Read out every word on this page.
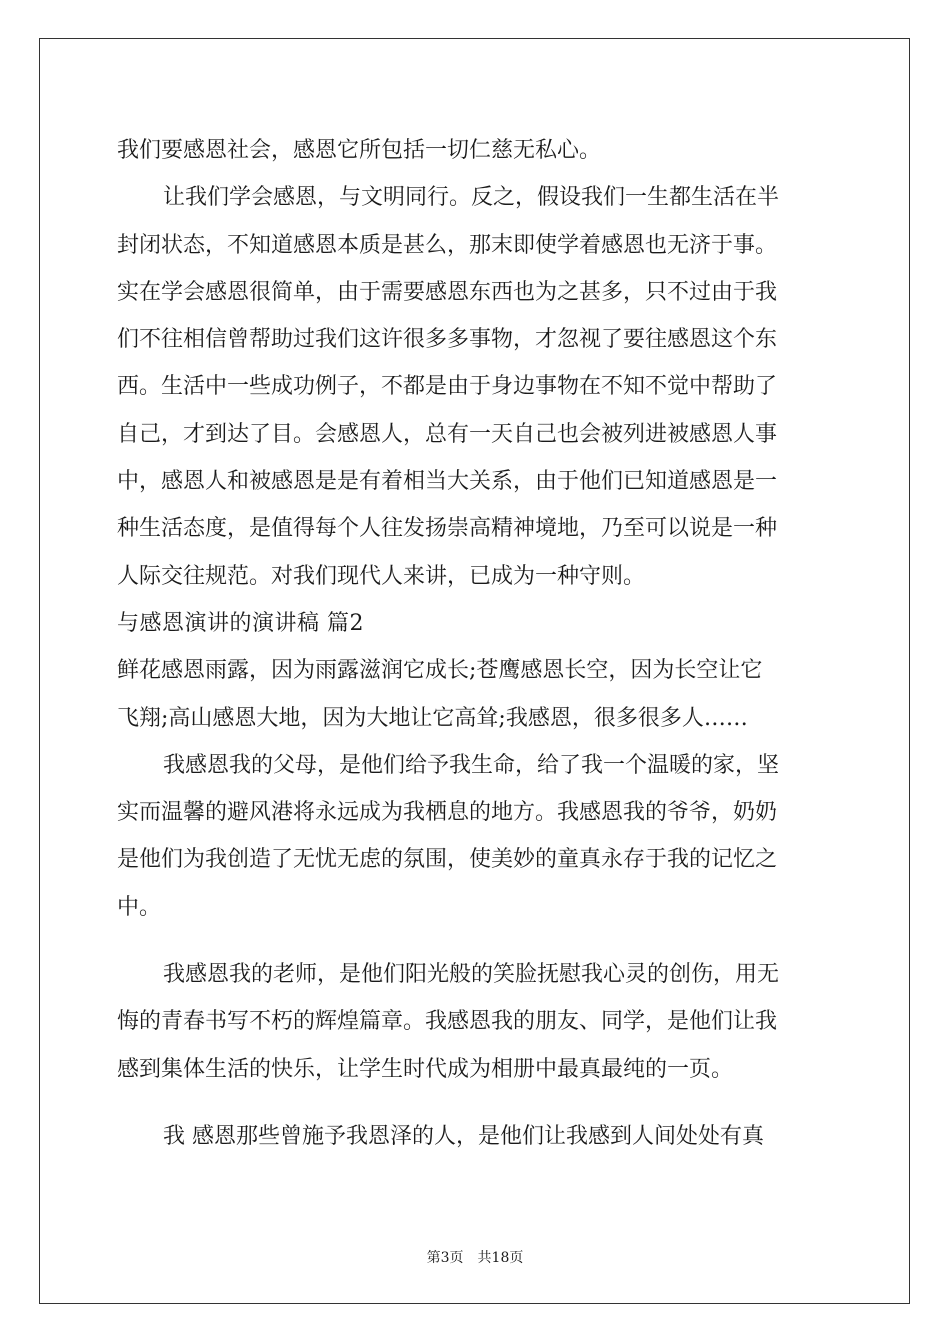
我们要感恩社会，感恩它所包括一切仁慈无私心。
让我们学会感恩，与文明同行。反之，假设我们一生都生活在半
封闭状态，不知道感恩本质是甚么，那末即使学着感恩也无济于事。
实在学会感恩很简单，由于需要感恩东西也为之甚多，只不过由于我
们不往相信曾帮助过我们这许很多多事物，才忽视了要往感恩这个东
西。生活中一些成功例子，不都是由于身边事物在不知不觉中帮助了
自己，才到达了目。会感恩人，总有一天自己也会被列进被感恩人事
中，感恩人和被感恩是是有着相当大关系，由于他们已知道感恩是一
种生活态度，是值得每个人往发扬崇高精神境地，乃至可以说是一种
人际交往规范。对我们现代人来讲，已成为一种守则。
与感恩演讲的演讲稿 篇2
鲜花感恩雨露，因为雨露滋润它成长;苍鹰感恩长空，因为长空让它
飞翔;高山感恩大地，因为大地让它高耸;我感恩，很多很多人……
我感恩我的父母，是他们给予我生命，给了我一个温暖的家，坚
实而温馨的避风港将永远成为我栖息的地方。我感恩我的爷爷，奶奶
是他们为我创造了无忧无虑的氛围，使美妙的童真永存于我的记忆之
中。
我感恩我的老师，是他们阳光般的笑脸抚慰我心灵的创伤，用无
悔的青春书写不朽的辉煌篇章。我感恩我的朋友、同学，是他们让我
感到集体生活的快乐，让学生时代成为相册中最真最纯的一页。
我 感恩那些曾施予我恩泽的人，是他们让我感到人间处处有真
第3页　共18页
